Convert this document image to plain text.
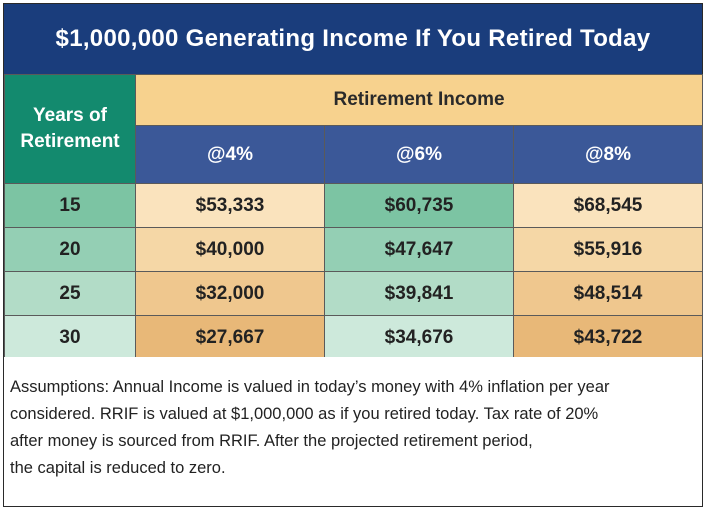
$1,000,000 Generating Income If You Retired Today
Years of
Retirement	Retirement Income		
	@4%	@6%	@8%
15	$53,333	$60,735	$68,545
20	$40,000	$47,647	$55,916
25	$32,000	$39,841	$48,514
30	$27,667	$34,676	$43,722
Assumptions: Annual Income is valued in today’s money with 4% inflation per year
considered. RRIF is valued at $1,000,000 as if you retired today. Tax rate of 20%
after money is sourced from RRIF. After the projected retirement period,
the capital is reduced to zero.
